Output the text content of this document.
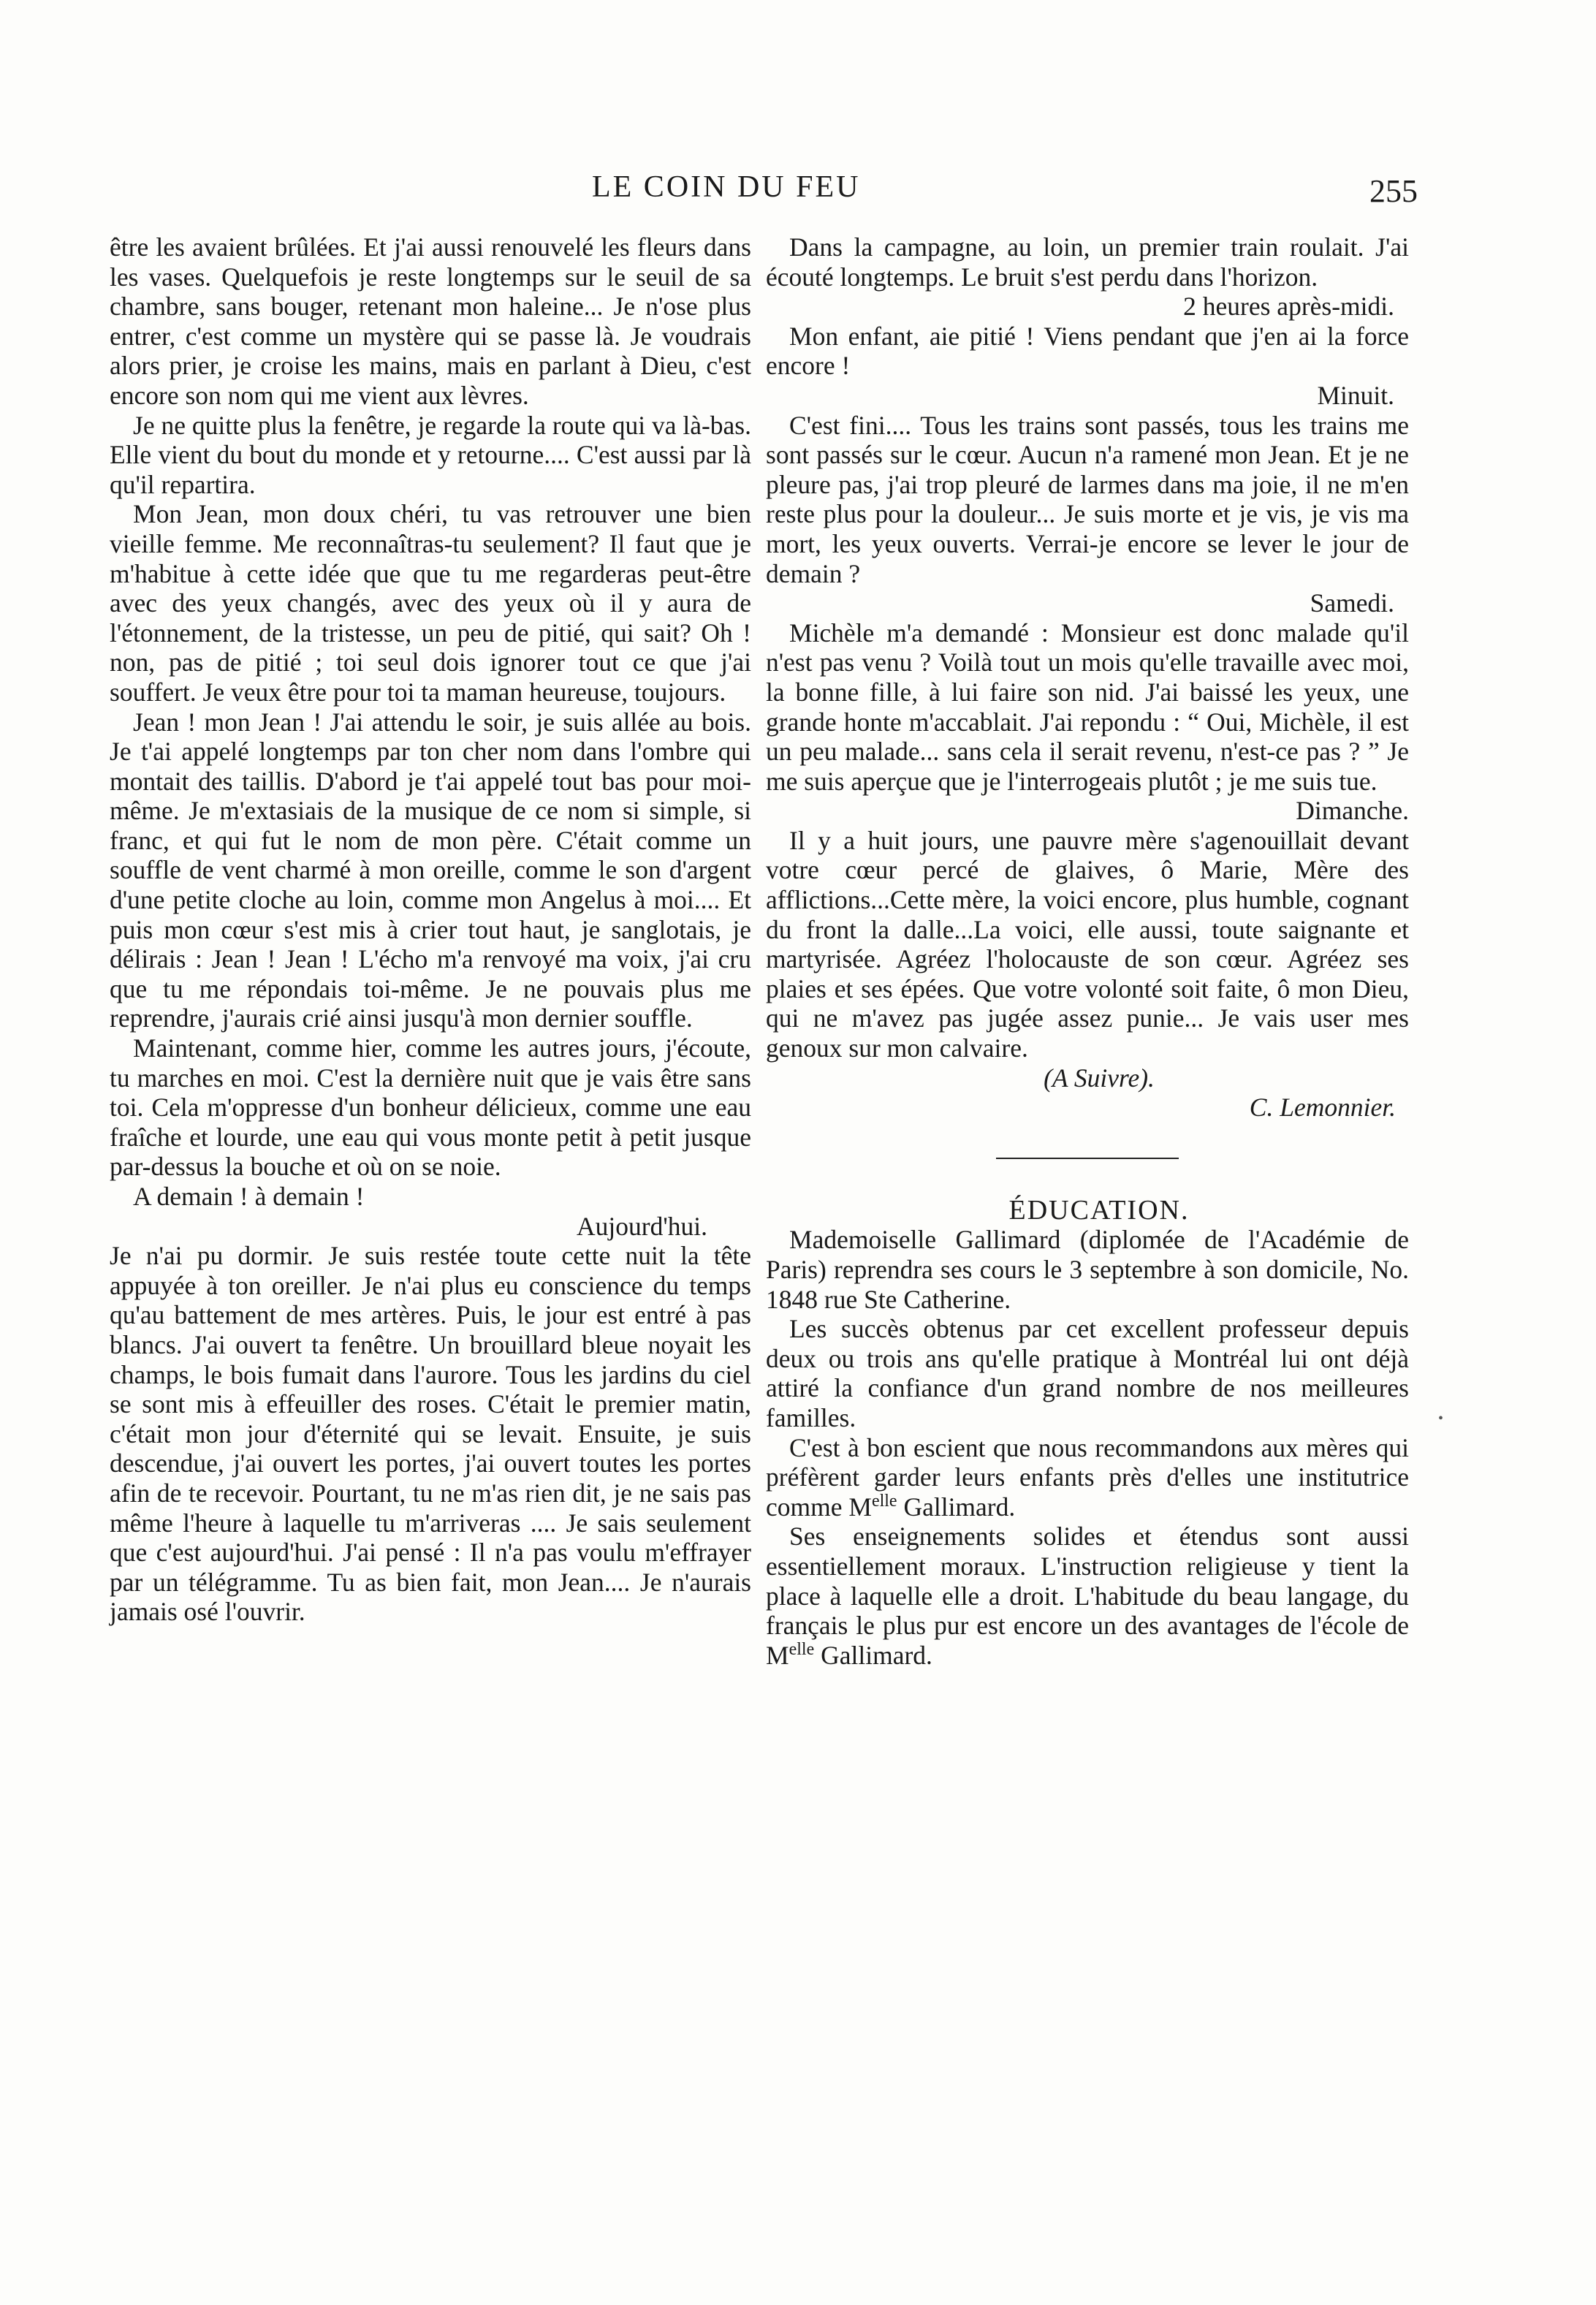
LE COIN DU FEU	255

être les avaient brûlées. Et j'ai aussi renouvelé les fleurs dans les vases. Quelquefois je reste longtemps sur le seuil de sa chambre, sans bouger, retenant mon haleine... Je n'ose plus entrer, c'est comme un mystère qui se passe là. Je voudrais alors prier, je croise les mains, mais en parlant à Dieu, c'est encore son nom qui me vient aux lèvres.

Je ne quitte plus la fenêtre, je regarde la route qui va là-bas. Elle vient du bout du monde et y retourne.... C'est aussi par là qu'il repartira.

Mon Jean, mon doux chéri, tu vas retrouver une bien vieille femme. Me reconnaîtras-tu seulement? Il faut que je m'habitue à cette idée que que tu me regarderas peut-être avec des yeux changés, avec des yeux où il y aura de l'étonnement, de la tristesse, un peu de pitié, qui sait? Oh ! non, pas de pitié ; toi seul dois ignorer tout ce que j'ai souffert. Je veux être pour toi ta maman heureuse, toujours.

Jean ! mon Jean ! J'ai attendu le soir, je suis allée au bois. Je t'ai appelé longtemps par ton cher nom dans l'ombre qui montait des taillis. D'abord je t'ai appelé tout bas pour moi-même. Je m'extasiais de la musique de ce nom si simple, si franc, et qui fut le nom de mon père. C'était comme un souffle de vent charmé à mon oreille, comme le son d'argent d'une petite cloche au loin, comme mon Angelus à moi.... Et puis mon cœur s'est mis à crier tout haut, je sanglotais, je délirais : Jean ! Jean ! L'écho m'a renvoyé ma voix, j'ai cru que tu me répondais toi-même. Je ne pouvais plus me reprendre, j'aurais crié ainsi jusqu'à mon dernier souffle.

Maintenant, comme hier, comme les autres jours, j'écoute, tu marches en moi. C'est la dernière nuit que je vais être sans toi. Cela m'oppresse d'un bonheur délicieux, comme une eau fraîche et lourde, une eau qui vous monte petit à petit jusque par-dessus la bouche et où on se noie.

A demain ! à demain !

Aujourd'hui.

Je n'ai pu dormir. Je suis restée toute cette nuit la tête appuyée à ton oreiller. Je n'ai plus eu conscience du temps qu'au battement de mes artères. Puis, le jour est entré à pas blancs. J'ai ouvert ta fenêtre. Un brouillard bleue noyait les champs, le bois fumait dans l'aurore. Tous les jardins du ciel se sont mis à effeuiller des roses. C'était le premier matin, c'était mon jour d'éternité qui se levait. Ensuite, je suis descendue, j'ai ouvert les portes, j'ai ouvert toutes les portes afin de te recevoir. Pourtant, tu ne m'as rien dit, je ne sais pas même l'heure à laquelle tu m'arriveras .... Je sais seulement que c'est aujourd'hui. J'ai pensé : Il n'a pas voulu m'effrayer par un télégramme. Tu as bien fait, mon Jean.... Je n'aurais jamais osé l'ouvrir.

Dans la campagne, au loin, un premier train roulait. J'ai écouté longtemps. Le bruit s'est perdu dans l'horizon.

2 heures après-midi.

Mon enfant, aie pitié ! Viens pendant que j'en ai la force encore !

Minuit.

C'est fini.... Tous les trains sont passés, tous les trains me sont passés sur le cœur. Aucun n'a ramené mon Jean. Et je ne pleure pas, j'ai trop pleuré de larmes dans ma joie, il ne m'en reste plus pour la douleur... Je suis morte et je vis, je vis ma mort, les yeux ouverts. Verrai-je encore se lever le jour de demain ?

Samedi.

Michèle m'a demandé : Monsieur est donc malade qu'il n'est pas venu ? Voilà tout un mois qu'elle travaille avec moi, la bonne fille, à lui faire son nid. J'ai baissé les yeux, une grande honte m'accablait. J'ai repondu : “ Oui, Michèle, il est un peu malade... sans cela il serait revenu, n'est-ce pas ? ” Je me suis aperçue que je l'interrogeais plutôt ; je me suis tue.

Dimanche.

Il y a huit jours, une pauvre mère s'agenouillait devant votre cœur percé de glaives, ô Marie, Mère des afflictions...Cette mère, la voici encore, plus humble, cognant du front la dalle...La voici, elle aussi, toute saignante et martyrisée. Agréez l'holocauste de son cœur. Agréez ses plaies et ses épées. Que votre volonté soit faite, ô mon Dieu, qui ne m'avez pas jugée assez punie... Je vais user mes genoux sur mon calvaire.

(A Suivre).

C. Lemonnier.

ÉDUCATION.

Mademoiselle Gallimard (diplomée de l'Académie de Paris) reprendra ses cours le 3 septembre à son domicile, No. 1848 rue Ste Catherine.

Les succès obtenus par cet excellent professeur depuis deux ou trois ans qu'elle pratique à Montréal lui ont déjà attiré la confiance d'un grand nombre de nos meilleures familles.

C'est à bon escient que nous recommandons aux mères qui préfèrent garder leurs enfants près d'elles une institutrice comme $M^{elle}$ Gallimard.

Ses enseignements solides et étendus sont aussi essentiellement moraux. L'instruction religieuse y tient la place à laquelle elle a droit. L'habitude du beau langage, du français le plus pur est encore un des avantages de l'école de $M^{elle}$ Gallimard.

•
